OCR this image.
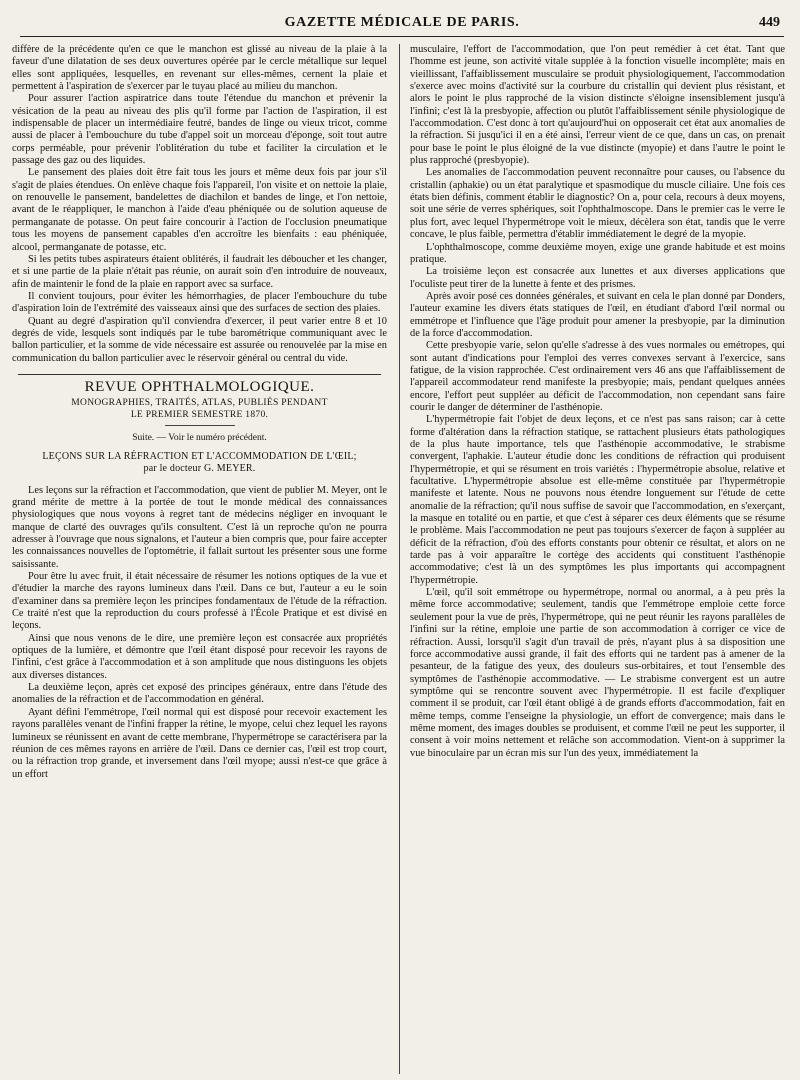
GAZETTE MÉDICALE DE PARIS.	449

diffère de la précédente qu'en ce que le manchon est glissé au niveau de la plaie à la faveur d'une dilatation de ses deux ouvertures opérée par le cercle métallique sur lequel elles sont appliquées, lesquelles, en revenant sur elles-mêmes, cernent la plaie et permettent à l'aspiration de s'exercer par le tuyau placé au milieu du manchon.

Pour assurer l'action aspiratrice dans toute l'étendue du manchon et prévenir la vésication de la peau au niveau des plis qu'il forme par l'action de l'aspiration, il est indispensable de placer un intermédiaire feutré, bandes de linge ou vieux tricot, comme aussi de placer à l'embouchure du tube d'appel soit un morceau d'éponge, soit tout autre corps perméable, pour prévenir l'oblitération du tube et faciliter la circulation et le passage des gaz ou des liquides.

Le pansement des plaies doit être fait tous les jours et même deux fois par jour s'il s'agit de plaies étendues. On enlève chaque fois l'appareil, l'on visite et on nettoie la plaie, on renouvelle le pansement, bandelettes de diachilon et bandes de linge, et l'on nettoie, avant de le réappliquer, le manchon à l'aide d'eau phéniquée ou de solution aqueuse de permanganate de potasse. On peut faire concourir à l'action de l'occlusion pneumatique tous les moyens de pansement capables d'en accroître les bienfaits : eau phéniquée, alcool, permanganate de potasse, etc.

Si les petits tubes aspirateurs étaient oblitérés, il faudrait les déboucher et les changer, et si une partie de la plaie n'était pas réunie, on aurait soin d'en introduire de nouveaux, afin de maintenir le fond de la plaie en rapport avec sa surface.

Il convient toujours, pour éviter les hémorrhagies, de placer l'embouchure du tube d'aspiration loin de l'extrémité des vaisseaux ainsi que des surfaces de section des plaies.

Quant au degré d'aspiration qu'il conviendra d'exercer, il peut varier entre 8 et 10 degrés de vide, lesquels sont indiqués par le tube barométrique communiquant avec le ballon particulier, et la somme de vide nécessaire est assurée ou renouvelée par la mise en communication du ballon particulier avec le réservoir général ou central du vide.

REVUE OPHTHALMOLOGIQUE.
MONOGRAPHIES, TRAITÉS, ATLAS, PUBLIÉS PENDANT
LE PREMIER SEMESTRE 1870.
Suite. — Voir le numéro précédent.
LEÇONS SUR LA RÉFRACTION ET L'ACCOMMODATION DE L'ŒIL;
par le docteur G. MEYER.

Les leçons sur la réfraction et l'accommodation, que vient de publier M. Meyer, ont le grand mérite de mettre à la portée de tout le monde médical des connaissances physiologiques que nous voyons à regret tant de médecins négliger en invoquant le manque de clarté des ouvrages qu'ils consultent. C'est là un reproche qu'on ne pourra adresser à l'ouvrage que nous signalons, et l'auteur a bien compris que, pour faire accepter les connaissances nouvelles de l'optométrie, il fallait surtout les présenter sous une forme saisissante.

Pour être lu avec fruit, il était nécessaire de résumer les notions optiques de la vue et d'étudier la marche des rayons lumineux dans l'œil. Dans ce but, l'auteur a eu le soin d'examiner dans sa première leçon les principes fondamentaux de l'étude de la réfraction. Ce traité n'est que la reproduction du cours professé à l'École Pratique et est divisé en leçons.

Ainsi que nous venons de le dire, une première leçon est consacrée aux propriétés optiques de la lumière, et démontre que l'œil étant disposé pour recevoir les rayons de l'infini, c'est grâce à l'accommodation et à son amplitude que nous distinguons les objets aux diverses distances.

La deuxième leçon, après cet exposé des principes généraux, entre dans l'étude des anomalies de la réfraction et de l'accommodation en général.

Ayant défini l'emmétrope, l'œil normal qui est disposé pour recevoir exactement les rayons parallèles venant de l'infini frapper la rétine, le myope, celui chez lequel les rayons lumineux se réunissent en avant de cette membrane, l'hypermétrope se caractérisera par la réunion de ces mêmes rayons en arrière de l'œil. Dans ce dernier cas, l'œil est trop court, ou la réfraction trop grande, et inversement dans l'œil myope; aussi n'est-ce que grâce à un effort

musculaire, l'effort de l'accommodation, que l'on peut remédier à cet état. Tant que l'homme est jeune, son activité vitale supplée à la fonction visuelle incomplète; mais en vieillissant, l'affaiblissement musculaire se produit physiologiquement, l'accommodation s'exerce avec moins d'activité sur la courbure du cristallin qui devient plus résistant, et alors le point le plus rapproché de la vision distincte s'éloigne insensiblement jusqu'à l'infini; c'est là la presbyopie, affection ou plutôt l'affaiblissement sénile physiologique de l'accommodation. C'est donc à tort qu'aujourd'hui on opposerait cet état aux anomalies de la réfraction. Si jusqu'ici il en a été ainsi, l'erreur vient de ce que, dans un cas, on prenait pour base le point le plus éloigné de la vue distincte (myopie) et dans l'autre le point le plus rapproché (presbyopie).

Les anomalies de l'accommodation peuvent reconnaître pour causes, ou l'absence du cristallin (aphakie) ou un état paralytique et spasmodique du muscle ciliaire. Une fois ces états bien définis, comment établir le diagnostic? On a, pour cela, recours à deux moyens, soit une série de verres sphériques, soit l'ophthalmoscope. Dans le premier cas le verre le plus fort, avec lequel l'hypermétrope voit le mieux, décèlera son état, tandis que le verre concave, le plus faible, permettra d'établir immédiatement le degré de la myopie.

L'ophthalmoscope, comme deuxième moyen, exige une grande habitude et est moins pratique.

La troisième leçon est consacrée aux lunettes et aux diverses applications que l'oculiste peut tirer de la lunette à fente et des prismes.

Après avoir posé ces données générales, et suivant en cela le plan donné par Donders, l'auteur examine les divers états statiques de l'œil, en étudiant d'abord l'œil normal ou emmétrope et l'influence que l'âge produit pour amener la presbyopie, par la diminution de la force d'accommodation.

Cette presbyopie varie, selon qu'elle s'adresse à des vues normales ou emétropes, qui sont autant d'indications pour l'emploi des verres convexes servant à l'exercice, sans fatigue, de la vision rapprochée. C'est ordinairement vers 46 ans que l'affaiblissement de l'appareil accommodateur rend manifeste la presbyopie; mais, pendant quelques années encore, l'effort peut suppléer au déficit de l'accommodation, non cependant sans faire courir le danger de déterminer de l'asthénopie.

L'hypermétropie fait l'objet de deux leçons, et ce n'est pas sans raison; car à cette forme d'altération dans la réfraction statique, se rattachent plusieurs états pathologiques de la plus haute importance, tels que l'asthénopie accommodative, le strabisme convergent, l'aphakie. L'auteur étudie donc les conditions de réfraction qui produisent l'hypermétropie, et qui se résument en trois variétés : l'hypermétropie absolue, relative et facultative. L'hypermétropie absolue est elle-même constituée par l'hypermétropie manifeste et latente. Nous ne pouvons nous étendre longuement sur l'étude de cette anomalie de la réfraction; qu'il nous suffise de savoir que l'accommodation, en s'exerçant, la masque en totalité ou en partie, et que c'est à séparer ces deux éléments que se résume le problème. Mais l'accommodation ne peut pas toujours s'exercer de façon à suppléer au déficit de la réfraction, d'où des efforts constants pour obtenir ce résultat, et alors on ne tarde pas à voir apparaître le cortège des accidents qui constituent l'asthénopie accommodative; c'est là un des symptômes les plus importants qui accompagnent l'hypermétropie.

L'œil, qu'il soit emmétrope ou hypermétrope, normal ou anormal, a à peu près la même force accommodative; seulement, tandis que l'emmétrope emploie cette force seulement pour la vue de près, l'hypermétrope, qui ne peut réunir les rayons parallèles de l'infini sur la rétine, emploie une partie de son accommodation à corriger ce vice de réfraction. Aussi, lorsqu'il s'agit d'un travail de près, n'ayant plus à sa disposition une force accommodative aussi grande, il fait des efforts qui ne tardent pas à amener de la pesanteur, de la fatigue des yeux, des douleurs sus-orbitaires, et tout l'ensemble des symptômes de l'asthénopie accommodative. — Le strabisme convergent est un autre symptôme qui se rencontre souvent avec l'hypermétropie. Il est facile d'expliquer comment il se produit, car l'œil étant obligé à de grands efforts d'accommodation, fait en même temps, comme l'enseigne la physiologie, un effort de convergence; mais dans le même moment, des images doubles se produisent, et comme l'œil ne peut les supporter, il consent à voir moins nettement et relâche son accommodation. Vient-on à supprimer la vue binoculaire par un écran mis sur l'un des yeux, immédiatement la
